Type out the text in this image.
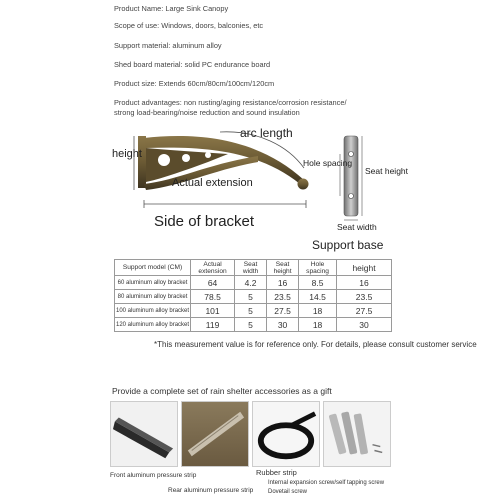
Product Name: Large Sink Canopy
Scope of use: Windows, doors, balconies, etc
Support material: aluminum alloy
Shed board material: solid PC endurance board
Product size: Extends 60cm/80cm/100cm/120cm
Product advantages: non rusting/aging resistance/corrosion resistance/
strong load-bearing/noise reduction and sound insulation
height
arc length
Actual extension
Side of bracket
Hole spacing
Seat height
Seat width
Support base
Support model (CM)	Actual extension	Seat width	Seat height	Hole spacing	height
60 aluminum alloy bracket	64	4.2	16	8.5	16
80 aluminum alloy bracket	78.5	5	23.5	14.5	23.5
100 aluminum alloy bracket	101	5	27.5	18	27.5
120 aluminum alloy bracket	119	5	30	18	30
*This measurement value is for reference only. For details, please consult customer service
Provide a complete set of rain shelter accessories as a gift
Front aluminum pressure strip
Rear aluminum pressure strip
Rubber strip
Internal expansion screw/self tapping screw
Dovetail screw
